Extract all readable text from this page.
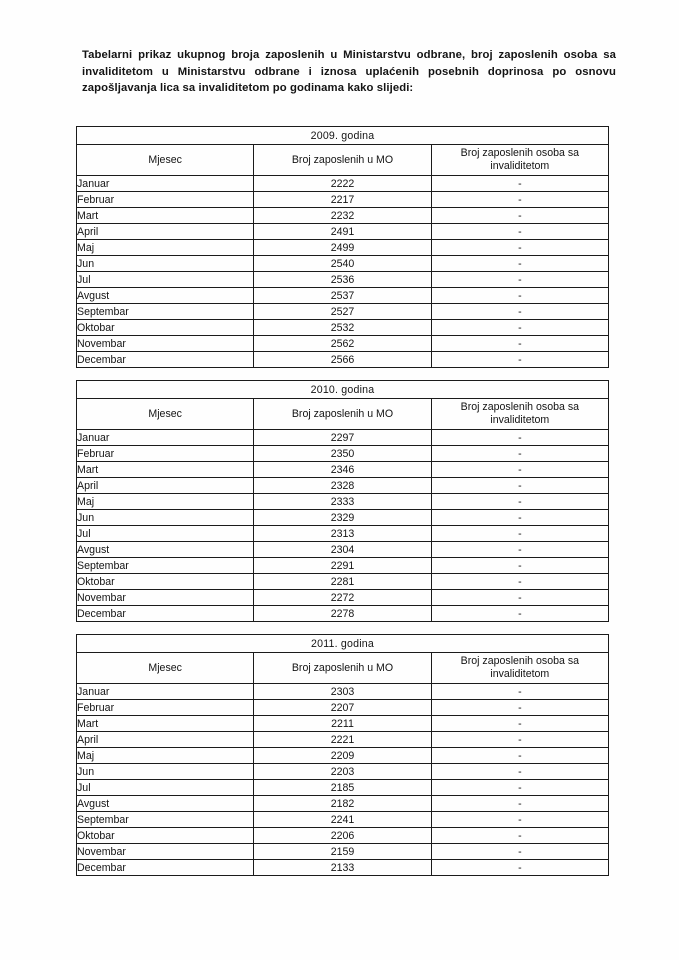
Tabelarni prikaz ukupnog broja zaposlenih u Ministarstvu odbrane, broj zaposlenih osoba sa invaliditetom u Ministarstvu odbrane i iznosa uplaćenih posebnih doprinosa po osnovu zapošljavanja lica sa invaliditetom po godinama kako slijedi:

2009. godina		
Mjesec	Broj zaposlenih u MO	Broj zaposlenih osoba sa invaliditetom
Januar	2222	-
Februar	2217	-
Mart	2232	-
April	2491	-
Maj	2499	-
Jun	2540	-
Jul	2536	-
Avgust	2537	-
Septembar	2527	-
Oktobar	2532	-
Novembar	2562	-
Decembar	2566	-
2010. godina		
Mjesec	Broj zaposlenih u MO	Broj zaposlenih osoba sa invaliditetom
Januar	2297	-
Februar	2350	-
Mart	2346	-
April	2328	-
Maj	2333	-
Jun	2329	-
Jul	2313	-
Avgust	2304	-
Septembar	2291	-
Oktobar	2281	-
Novembar	2272	-
Decembar	2278	-
2011. godina		
Mjesec	Broj zaposlenih u MO	Broj zaposlenih osoba sa invaliditetom
Januar	2303	-
Februar	2207	-
Mart	2211	-
April	2221	-
Maj	2209	-
Jun	2203	-
Jul	2185	-
Avgust	2182	-
Septembar	2241	-
Oktobar	2206	-
Novembar	2159	-
Decembar	2133	-
